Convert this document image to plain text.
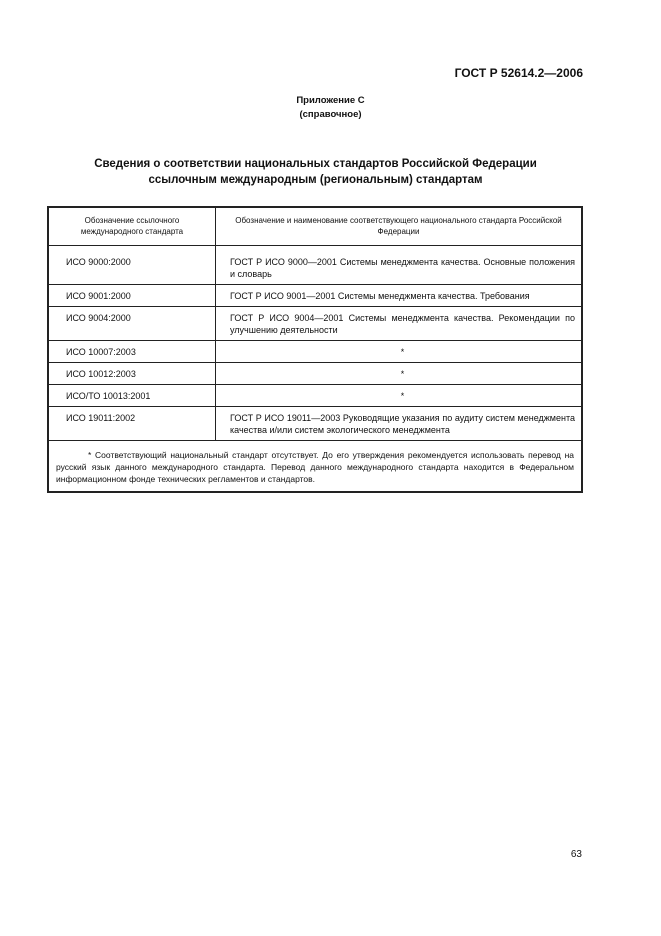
ГОСТ Р 52614.2—2006
Приложение С
(справочное)
Сведения о соответствии национальных стандартов Российской Федерации
ссылочным международным (региональным) стандартам
Обозначение ссылочного международного стандарта	Обозначение и наименование соответствующего национального стандарта Российской Федерации
ИСО 9000:2000	ГОСТ Р ИСО 9000—2001 Системы менеджмента качества. Основные положения и словарь
ИСО 9001:2000	ГОСТ Р ИСО 9001—2001 Системы менеджмента качества. Требования
ИСО 9004:2000	ГОСТ Р ИСО 9004—2001 Системы менеджмента качества. Рекомендации по улучшению деятельности
ИСО 10007:2003	*
ИСО 10012:2003	*
ИСО/ТО 10013:2001	*
ИСО 19011:2002	ГОСТ Р ИСО 19011—2003 Руководящие указания по аудиту систем менеджмента качества и/или систем экологического менеджмента
* Соответствующий национальный стандарт отсутствует. До его утверждения рекомендуется использовать перевод на русский язык данного международного стандарта. Перевод данного международного стандарта находится в Федеральном информационном фонде технических регламентов и стандартов.	
63
